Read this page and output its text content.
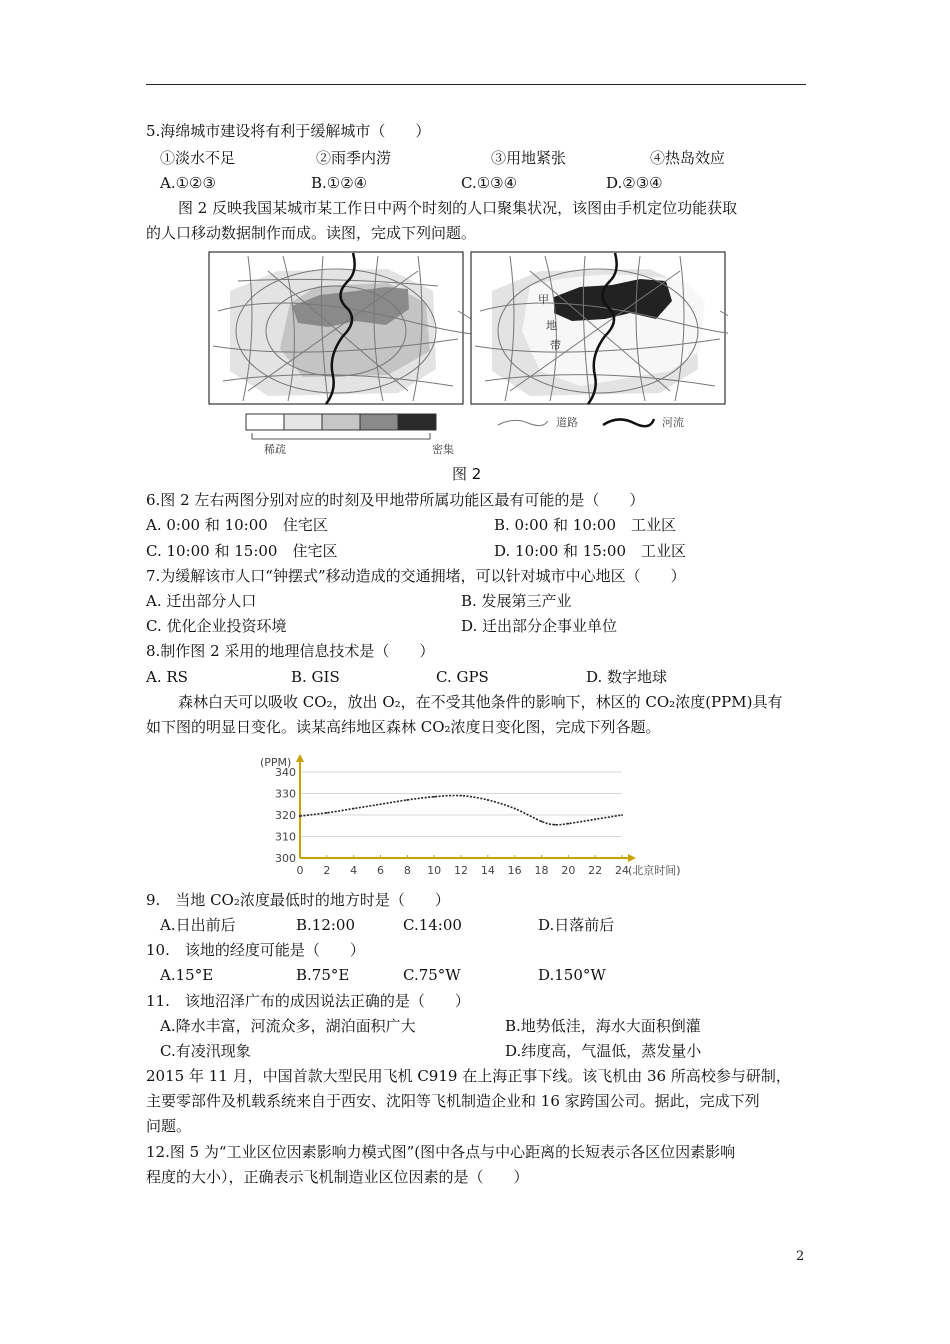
5.海绵城市建设将有利于缓解城市（　　）
①淡水不足	②雨季内涝	③用地紧张	④热岛效应
A.①②③	B.①②④	C.①③④	D.②③④
图 2 反映我国某城市某工作日中两个时刻的人口聚集状况，该图由手机定位功能获取
的人口移动数据制作而成。读图，完成下列问题。
甲
地
带
稀疏	密集
道路	河流
图 2
6.图 2 左右两图分别对应的时刻及甲地带所属功能区最有可能的是（　　）
A. 0:00 和 10:00　住宅区	B. 0:00 和 10:00　工业区
C. 10:00 和 15:00　住宅区	D. 10:00 和 15:00　工业区
7.为缓解该市人口“钟摆式”移动造成的交通拥堵，可以针对城市中心地区（　　）
A. 迁出部分人口	B. 发展第三产业
C. 优化企业投资环境	D. 迁出部分企事业单位
8.制作图 2 采用的地理信息技术是（　　）
A. RS	B. GIS	C. GPS	D. 数字地球
森林白天可以吸收 CO₂，放出 O₂，在不受其他条件的影响下，林区的 CO₂浓度(PPM)具有
如下图的明显日变化。读某高纬地区森林 CO₂浓度日变化图，完成下列各题。
340
330
320
310
300
0 2 4 6 8 10 12 14 16 18 20 22 24
(PPM)
(北京时间)
9.　当地 CO₂浓度最低时的地方时是（　　）
A.日出前后	B.12:00	C.14:00	D.日落前后
10.　该地的经度可能是（　　）
A.15°E	B.75°E	C.75°W	D.150°W
11.　该地沼泽广布的成因说法正确的是（　　）
A.降水丰富，河流众多，湖泊面积广大	B.地势低洼，海水大面积倒灌
C.有凌汛现象	D.纬度高，气温低，蒸发量小
2015 年 11 月，中国首款大型民用飞机 C919 在上海正事下线。该飞机由 36 所高校参与研制，
主要零部件及机载系统来自于西安、沈阳等飞机制造企业和 16 家跨国公司。据此，完成下列
问题。
12.图 5 为“工业区位因素影响力模式图”(图中各点与中心距离的长短表示各区位因素影响
程度的大小），正确表示飞机制造业区位因素的是（　　）
2
